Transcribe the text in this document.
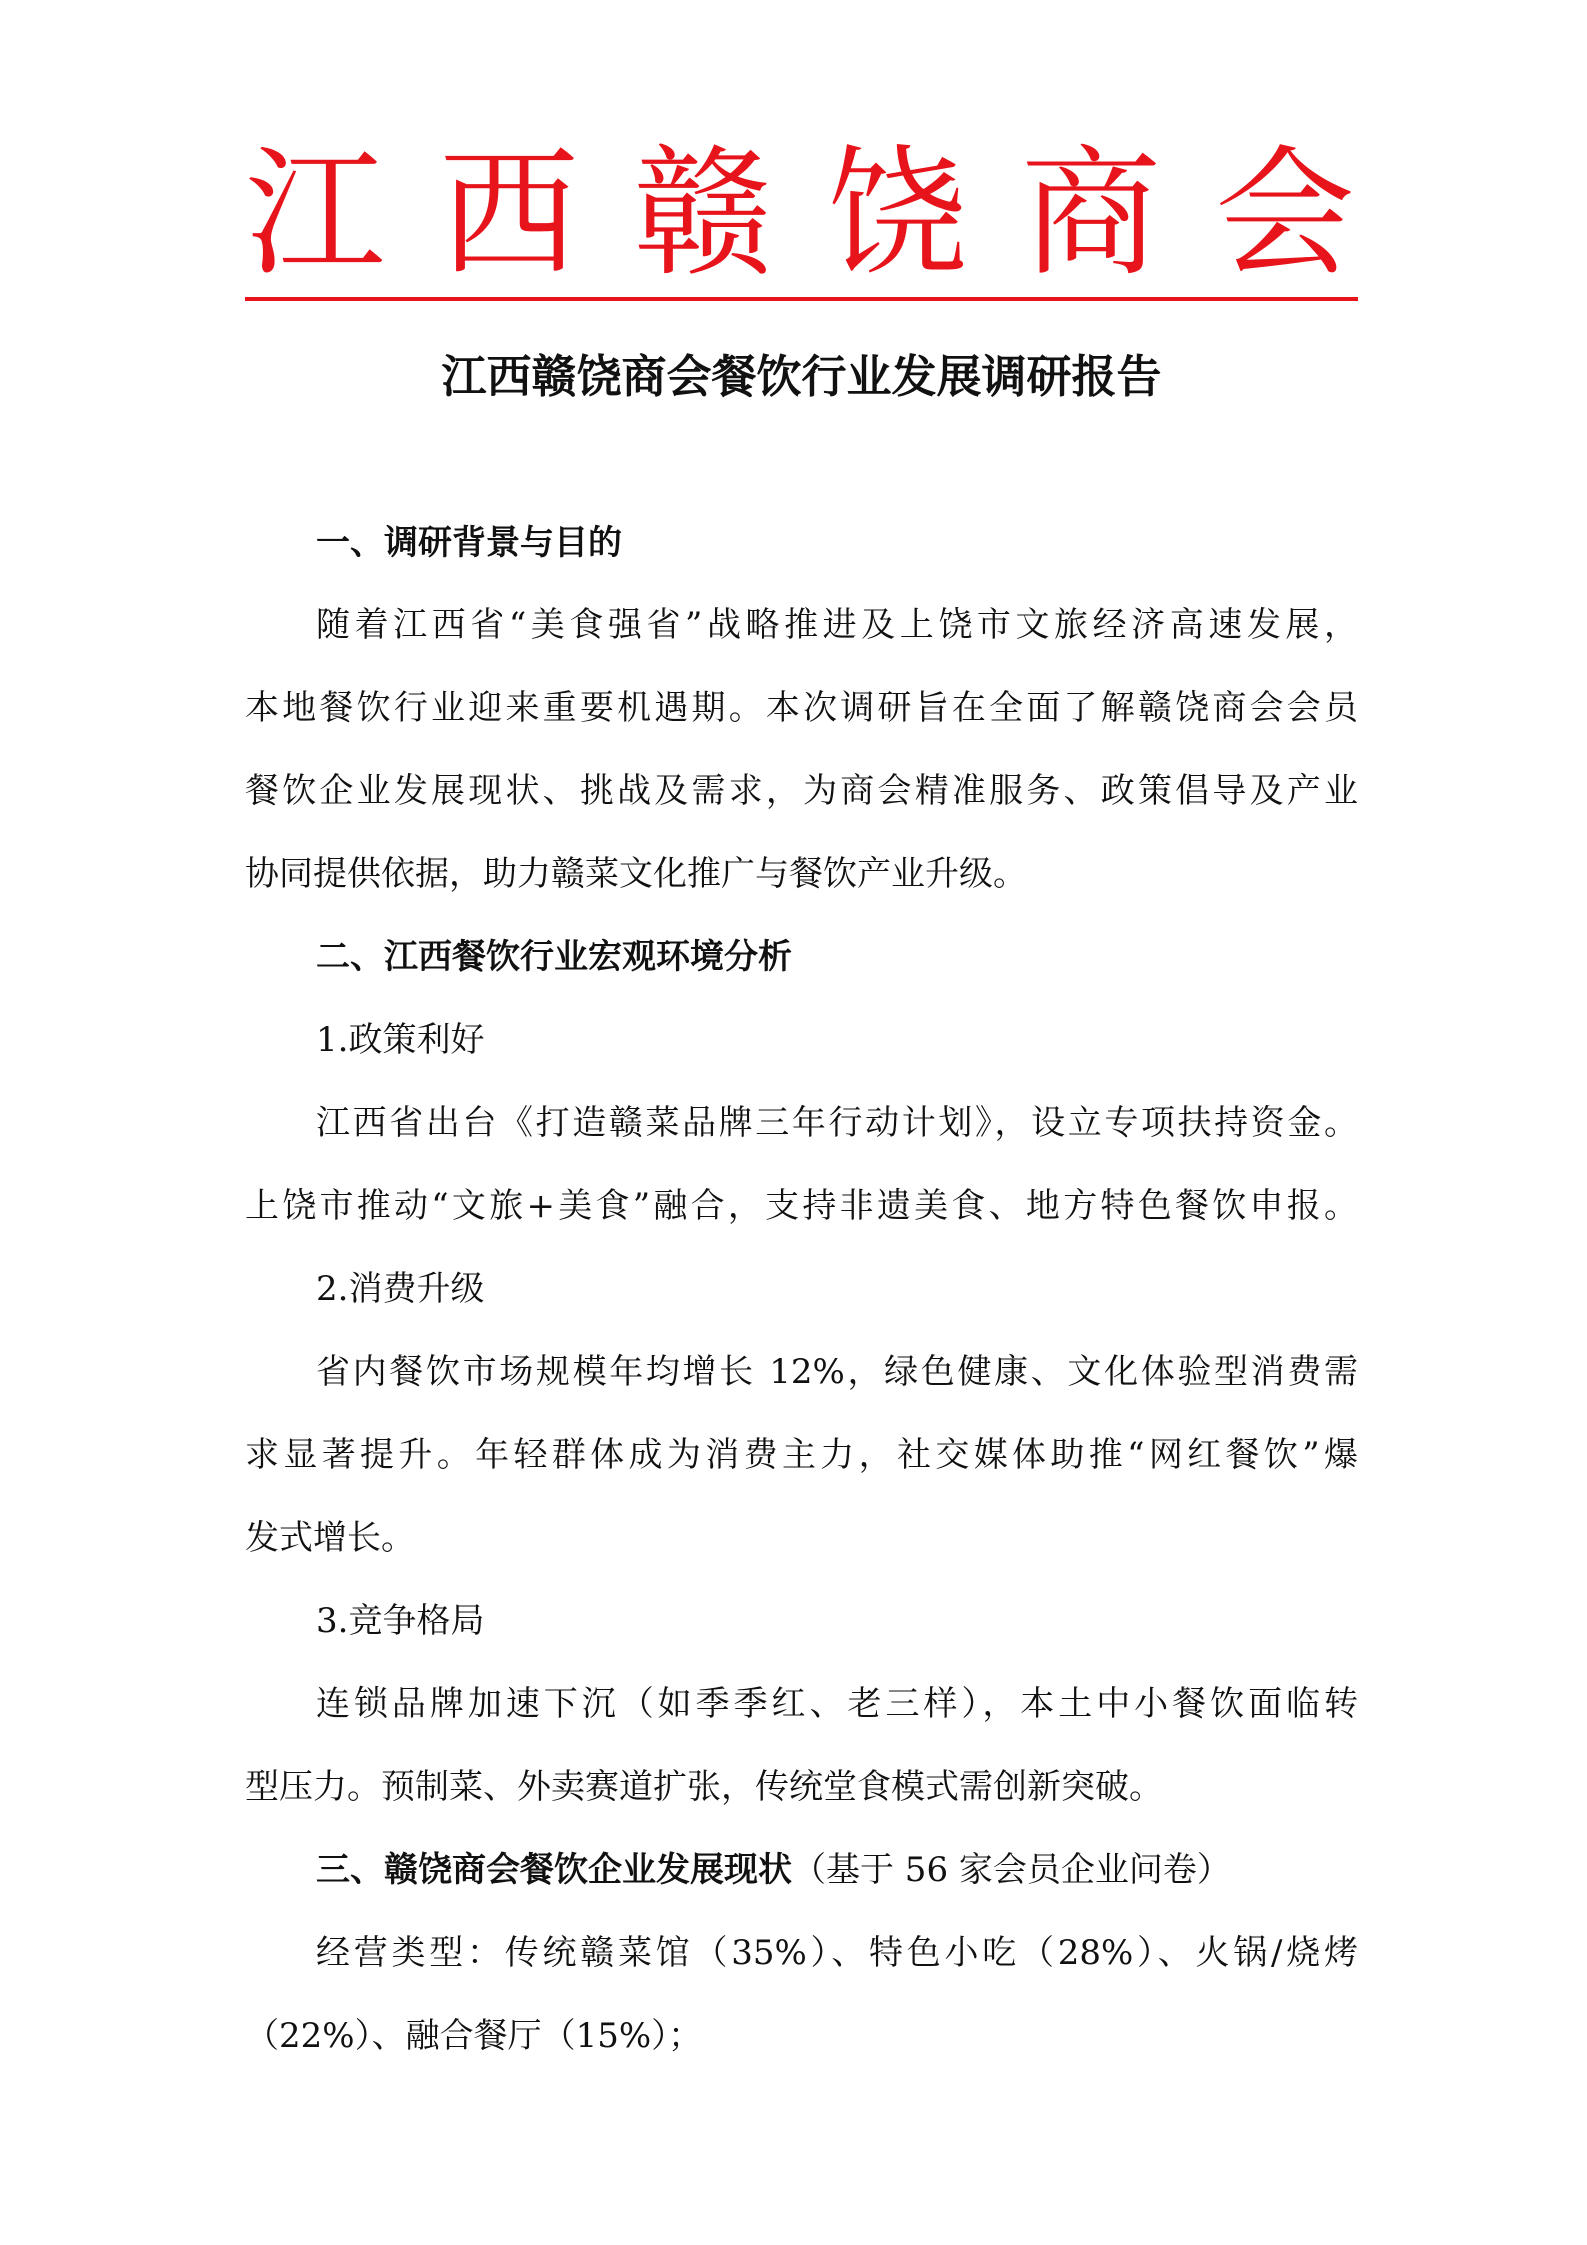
江 西 赣 饶 商 会
江西赣饶商会餐饮行业发展调研报告

一、调研背景与目的

随着江西省“美食强省”战略推进及上饶市文旅经济高速发展，

本地餐饮行业迎来重要机遇期。本次调研旨在全面了解赣饶商会会员

餐饮企业发展现状、挑战及需求，为商会精准服务、政策倡导及产业

协同提供依据，助力赣菜文化推广与餐饮产业升级。

二、江西餐饮行业宏观环境分析

1.政策利好

江西省出台《打造赣菜品牌三年行动计划》，设立专项扶持资金。

上饶市推动“文旅+美食”融合，支持非遗美食、地方特色餐饮申报。

2.消费升级

省内餐饮市场规模年均增长 12%，绿色健康、文化体验型消费需

求显著提升。年轻群体成为消费主力，社交媒体助推“网红餐饮”爆

发式增长。

3.竞争格局

连锁品牌加速下沉（如季季红、老三样），本土中小餐饮面临转

型压力。预制菜、外卖赛道扩张，传统堂食模式需创新突破。

三、赣饶商会餐饮企业发展现状（基于 56 家会员企业问卷）

经营类型：传统赣菜馆（35%）、特色小吃（28%）、火锅/烧烤

（22%）、融合餐厅（15%）；
